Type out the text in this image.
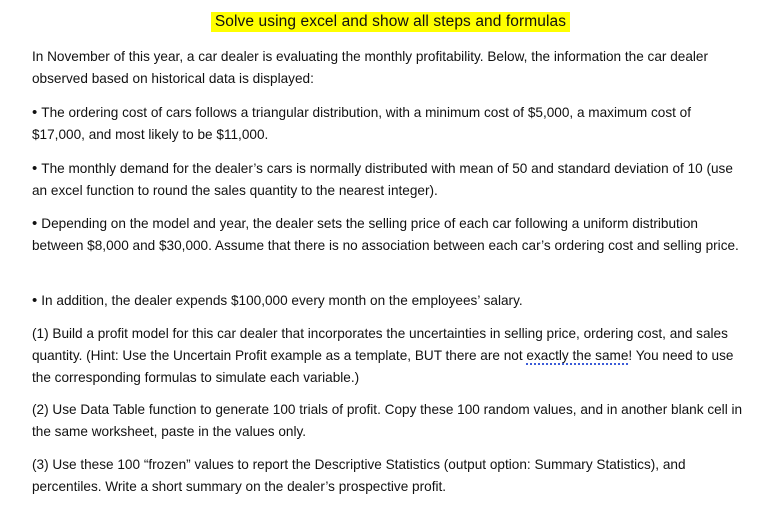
Solve using excel and show all steps and formulas
In November of this year, a car dealer is evaluating the monthly profitability. Below, the information the car dealer observed based on historical data is displayed:
• The ordering cost of cars follows a triangular distribution, with a minimum cost of $5,000, a maximum cost of $17,000, and most likely to be $11,000.
• The monthly demand for the dealer’s cars is normally distributed with mean of 50 and standard deviation of 10 (use an excel function to round the sales quantity to the nearest integer).
• Depending on the model and year, the dealer sets the selling price of each car following a uniform distribution between $8,000 and $30,000. Assume that there is no association between each car’s ordering cost and selling price.
• In addition, the dealer expends $100,000 every month on the employees’ salary.
(1) Build a profit model for this car dealer that incorporates the uncertainties in selling price, ordering cost, and sales quantity. (Hint: Use the Uncertain Profit example as a template, BUT there are not exactly the same! You need to use the corresponding formulas to simulate each variable.)
(2) Use Data Table function to generate 100 trials of profit. Copy these 100 random values, and in another blank cell in the same worksheet, paste in the values only.
(3) Use these 100 “frozen” values to report the Descriptive Statistics (output option: Summary Statistics), and percentiles. Write a short summary on the dealer’s prospective profit.
